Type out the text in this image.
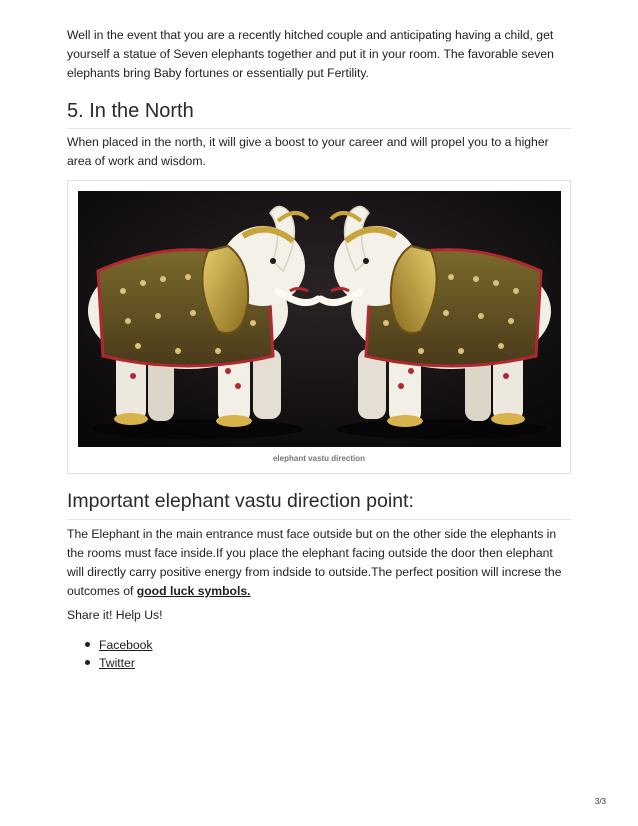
Well in the event that you are a recently hitched couple and anticipating having a child, get yourself a statue of Seven elephants together and put it in your room. The favorable seven elephants bring Baby fortunes or essentially put Fertility.

5. In the North

When placed in the north, it will give a boost to your career and will propel you to a higher area of work and wisdom.

elephant vastu direction
Important elephant vastu direction point:

The Elephant in the main entrance must face outside but on the other side the elephants in the rooms must face inside.If you place the elephant facing outside the door then elephant will directly carry positive energy from indside to outside.The perfect position will increse the outcomes of good luck symbols.

Share it! Help Us!

Facebook
Twitter
3/3
